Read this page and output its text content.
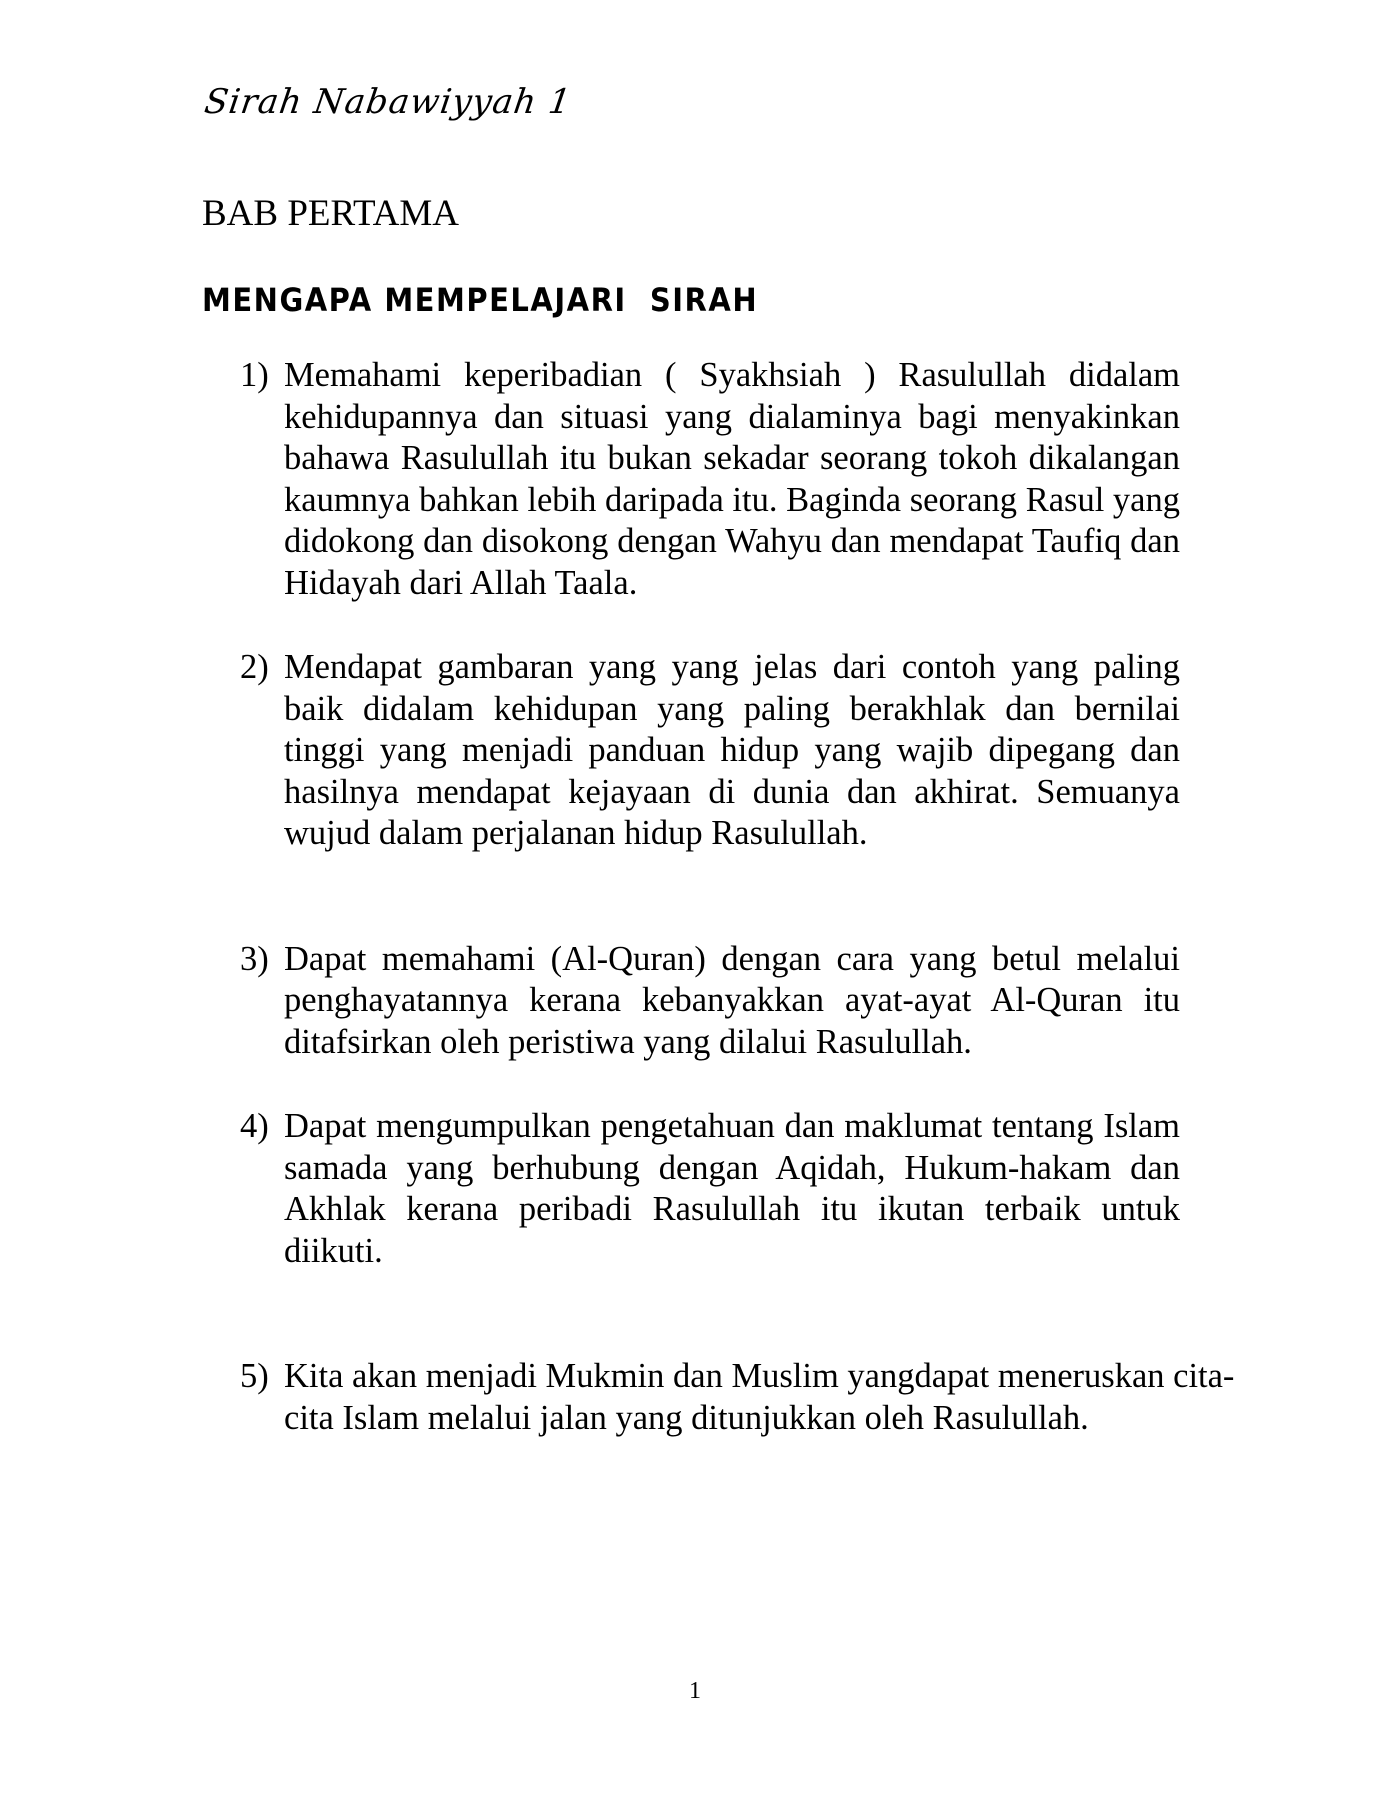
Sirah Nabawiyyah 1
BAB PERTAMA
MENGAPA MEMPELAJARI  SIRAH
1) Memahami keperibadian ( Syakhsiah ) Rasulullah didalam kehidupannya dan situasi yang dialaminya bagi menyakinkan bahawa Rasulullah itu bukan sekadar seorang tokoh dikalangan kaumnya bahkan lebih daripada itu. Baginda seorang Rasul yang didokong dan disokong dengan Wahyu dan mendapat Taufiq dan Hidayah dari Allah Taala.
2) Mendapat gambaran yang yang jelas dari contoh yang paling baik didalam kehidupan yang paling berakhlak dan bernilai tinggi yang menjadi panduan hidup yang wajib dipegang dan hasilnya mendapat kejayaan di dunia dan akhirat. Semuanya wujud dalam perjalanan hidup Rasulullah.
3) Dapat memahami (Al-Quran) dengan cara yang betul melalui penghayatannya kerana kebanyakkan ayat-ayat Al-Quran itu ditafsirkan oleh peristiwa yang dilalui Rasulullah.
4) Dapat mengumpulkan pengetahuan dan maklumat tentang Islam samada yang berhubung dengan Aqidah, Hukum-hakam dan Akhlak kerana peribadi Rasulullah itu ikutan terbaik untuk diikuti.
5) Kita akan menjadi Mukmin dan Muslim yangdapat meneruskan cita-cita Islam melalui jalan yang ditunjukkan oleh Rasulullah.
1
